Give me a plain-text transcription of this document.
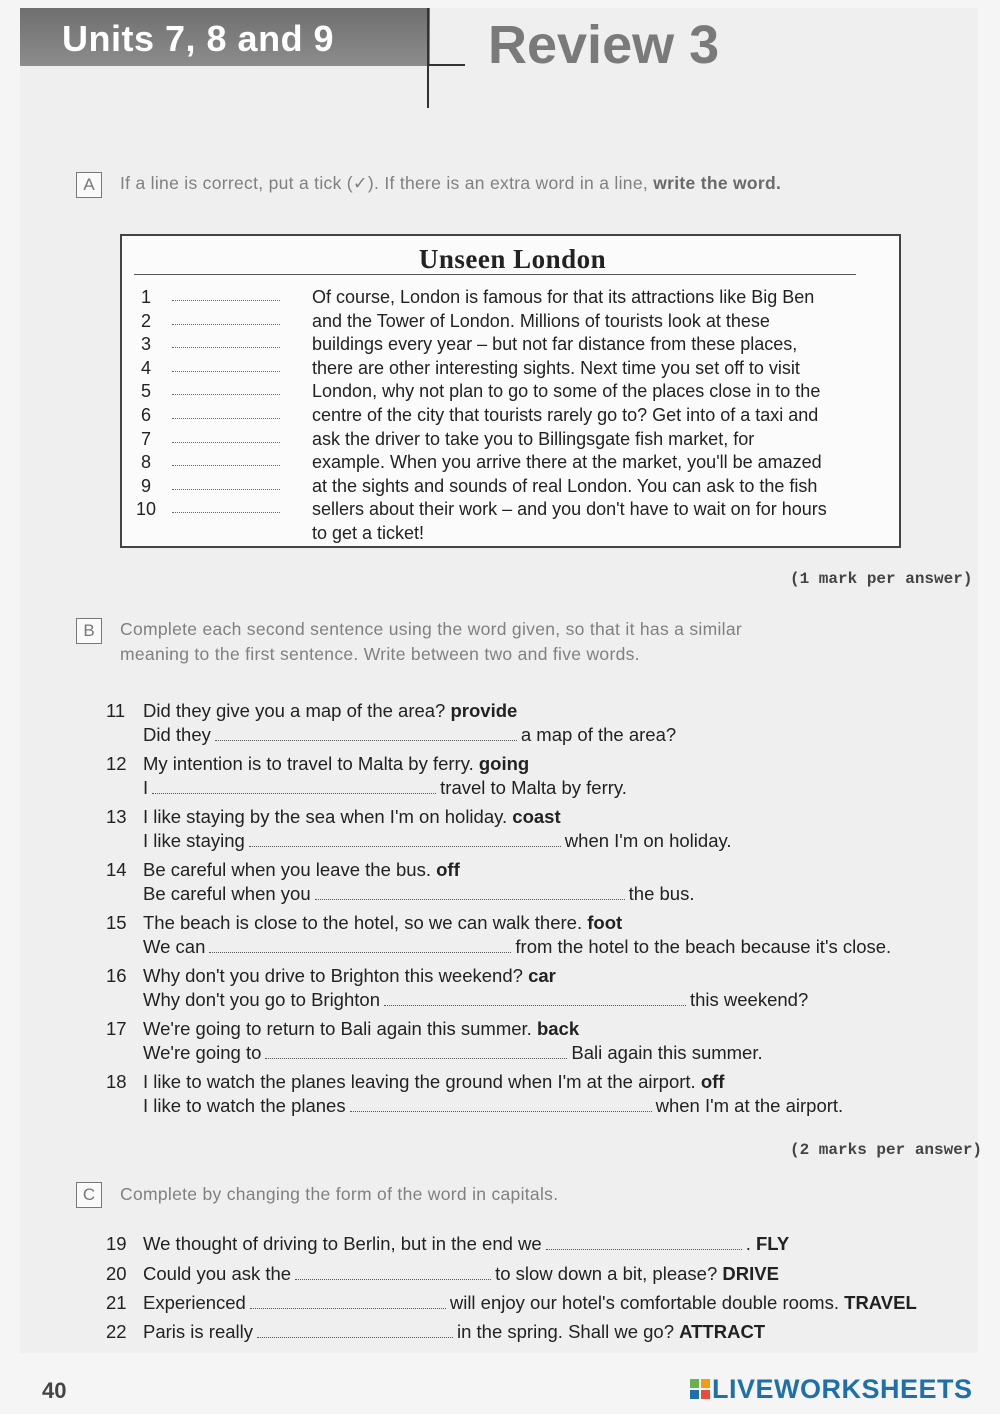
Units 7, 8 and 9	Review 3
A	If a line is correct, put a tick (✓). If there is an extra word in a line, write the word.
Unseen London
1	Of course, London is famous for that its attractions like Big Ben
2	and the Tower of London. Millions of tourists look at these
3	buildings every year – but not far distance from these places,
4	there are other interesting sights. Next time you set off to visit
5	London, why not plan to go to some of the places close in to the
6	centre of the city that tourists rarely go to? Get into of a taxi and
7	ask the driver to take you to Billingsgate fish market, for
8	example. When you arrive there at the market, you'll be amazed
9	at the sights and sounds of real London. You can ask to the fish
10	sellers about their work – and you don't have to wait on for hours
to get a ticket!
(1 mark per answer)
B	Complete each second sentence using the word given, so that it has a similar
meaning to the first sentence. Write between two and five words.
11 Did they give you a map of the area? provide
Did they	a map of the area?
12 My intention is to travel to Malta by ferry. going
I	travel to Malta by ferry.
13 I like staying by the sea when I'm on holiday. coast
I like staying	when I'm on holiday.
14 Be careful when you leave the bus. off
Be careful when you	the bus.
15 The beach is close to the hotel, so we can walk there. foot
We can	from the hotel to the beach because it's close.
16 Why don't you drive to Brighton this weekend? car
Why don't you go to Brighton	this weekend?
17 We're going to return to Bali again this summer. back
We're going to	Bali again this summer.
18 I like to watch the planes leaving the ground when I'm at the airport. off
I like to watch the planes	when I'm at the airport.
(2 marks per answer)
C	Complete by changing the form of the word in capitals.
19 We thought of driving to Berlin, but in the end we	. FLY
20 Could you ask the	to slow down a bit, please? DRIVE
21 Experienced	will enjoy our hotel's comfortable double rooms. TRAVEL
22 Paris is really	in the spring. Shall we go? ATTRACT
40	LIVEWORKSHEETS
